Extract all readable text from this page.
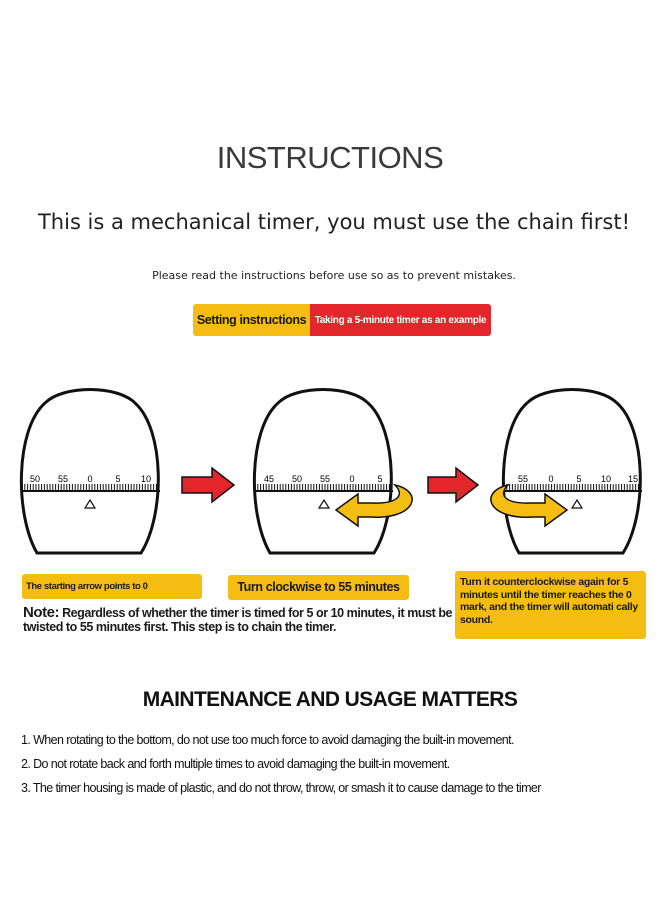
INSTRUCTIONS
This is a mechanical timer, you must use the chain first!
Please read the instructions before use so as to prevent mistakes.
Setting instructions Taking a 5-minute timer as an example
50 55 0	5 10	45 50 55 0	5	55 0	5 10 15
The starting arrow points to 0	Turn clockwise to 55 minutes	Turn it counterclockwise again for 5 minutes until the timer reaches the 0 mark, and the timer will automati cally sound.
Note: Regardless of whether the timer is timed for 5 or 10 minutes, it must be twisted to 55 minutes first. This step is to chain the timer.
MAINTENANCE AND USAGE MATTERS
1. When rotating to the bottom, do not use too much force to avoid damaging the built-in movement.
2. Do not rotate back and forth multiple times to avoid damaging the built-in movement.
3. The timer housing is made of plastic, and do not throw, throw, or smash it to cause damage to the timer
